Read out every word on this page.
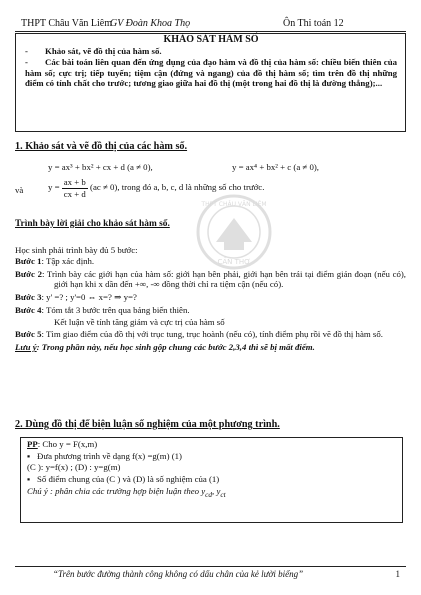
THPT Châu Văn Liêm
GV Đoàn Khoa Thọ	Ôn Thi toán 12

KHẢO SÁT HÀM SỐ

- Khảo sát, vẽ đồ thị của hàm số.

- Các bài toán liên quan đến ứng dụng của đạo hàm và đồ thị của hàm số: chiều biến thiên của hàm số; cực trị; tiếp tuyến; tiệm cận (đứng và ngang) của đồ thị hàm số; tìm trên đồ thị những điểm có tính chất cho trước; tương giao giữa hai đồ thị (một trong hai đồ thị là đường thẳng);...

1. Khảo sát và vẽ đồ thị của các hàm số.
y = ax³ + bx² + cx + d (a ≠ 0),	y = ax⁴ + bx² + c (a ≠ 0),
và	$y = \frac{ax + b}{cx + d} (ac \ne 0)$, trong đó a, b, c, d là những số cho trước.
Trình bày lời giải cho khảo sát hàm số.
Học sinh phải trình bày đủ 5 bước:
Bước 1: Tập xác định.
Bước 2: Trình bày các giới hạn của hàm số: giới hạn bên phải, giới hạn bên trái tại điểm gián đoạn (nếu có), giới hạn khi x dần đến +∞, -∞ đồng thời chỉ ra tiệm cận (nếu có).
Bước 3: y' =? ; y'=0 ⇔ x=? ⇒ y=?
Bước 4: Tóm tắt 3 bước trên qua bảng biến thiên.
Kết luận về tính tăng giảm và cực trị của hàm số
Bước 5: Tìm giao điểm của đồ thị với trục tung, trục hoành (nếu có), tính điểm phụ rồi vẽ đồ thị hàm số.
Lưu ý: Trong phần này, nếu học sinh gộp chung các bước 2,3,4 thì sẽ bị mất điểm.
2. Dùng đồ thị để biện luận số nghiệm của một phương trình.
PP: Cho y = F(x,m)
▪ Đưa phương trình về dạng f(x) =g(m) (1)
(C ): y=f(x) ; (D) : y=g(m)
▪ Số điểm chung của (C ) và (D) là số nghiệm của (1)
Chú ý : phân chia các trường hợp biện luận theo $y_{cd}$, $y_{ct}$
“Trên bước đường thành công không có dấu chân của kẻ lười biếng”	1
THPT CHÂU VĂN LIÊM
CẦN THƠ
